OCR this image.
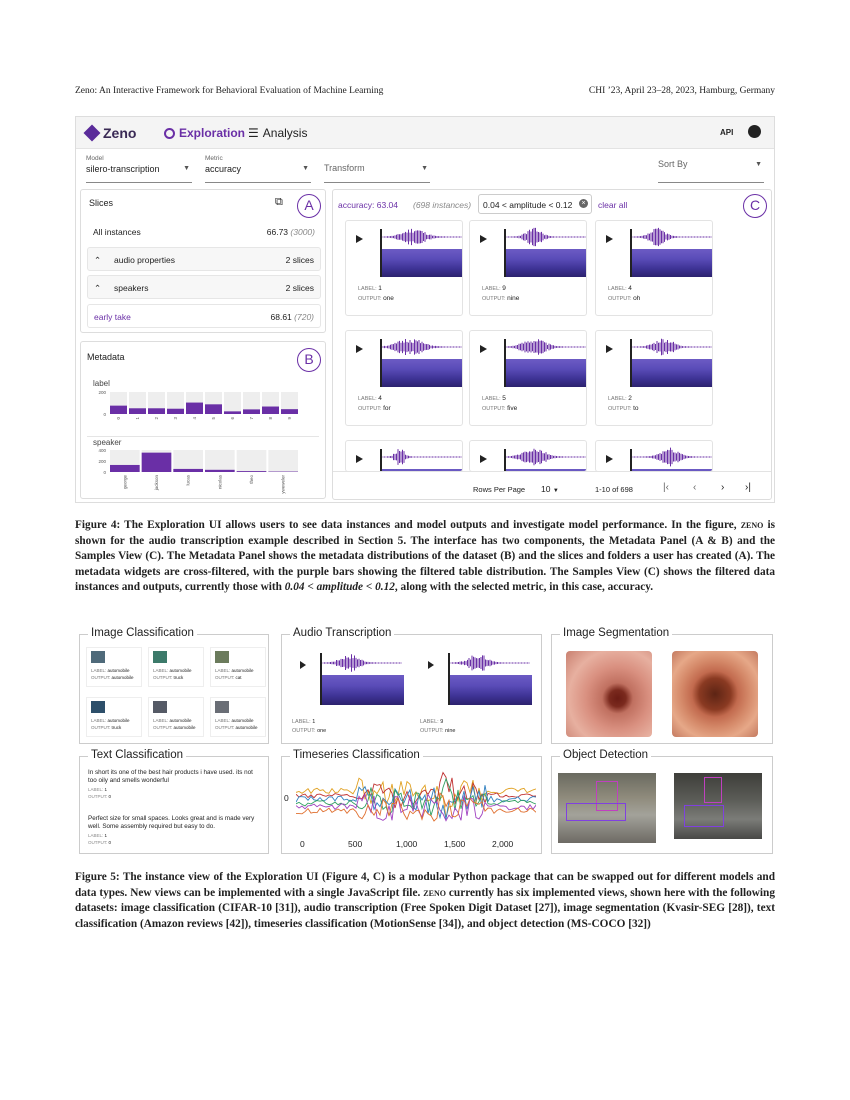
Zeno: An Interactive Framework for Behavioral Evaluation of Machine Learning	CHI ’23, April 23–28, 2023, Hamburg, Germany
Zeno	Exploration ☰ Analysis	API
Model
silero-transcription	▼
Metric
accuracy	▼ Transform	▼	Sort By	▼
Slices	⧉	A
All instances	66.73 (3000)
⌃ audio properties	2 slices
⌃ speakers	2 slices
early take	68.61 (720)
Metadata	B
label
200
0
0	1	2	3	4	5	6	7	8	9
speaker
400
200
0
george	jackson	lucas	nicolas	theo	yweweler
accuracy: 63.04 (698 instances)	0.04 < amplitude < 0.12	× clear all	C
LABEL: 1
OUTPUT: one
LABEL: 9
OUTPUT: nine
LABEL: 4
OUTPUT: oh
LABEL: 4
OUTPUT: for
LABEL: 5
OUTPUT: five
LABEL: 2
OUTPUT: to
Rows Per Page 10 ▼	1-10 of 698	|‹ ‹ › ›|
Figure 4: The Exploration UI allows users to see data instances and model outputs and investigate model performance. In the figure, zeno is shown for the audio transcription example described in Section 5. The interface has two components, the Metadata Panel (A & B) and the Samples View (C). The Metadata Panel shows the metadata distributions of the dataset (B) and the slices and folders a user has created (A). The metadata widgets are cross-filtered, with the purple bars showing the filtered table distribution. The Samples View (C) shows the filtered data instances and outputs, currently those with 0.04 < amplitude < 0.12, along with the selected metric, in this case, accuracy.
Image Classification
LABEL: automobile
OUTPUT: automobile
LABEL: automobile
OUTPUT: truck
LABEL: automobile
OUTPUT: cat
LABEL: automobile
OUTPUT: truck
LABEL: automobile
OUTPUT: automobile
LABEL: automobile
OUTPUT: automobile
Audio Transcription
LABEL: 1
OUTPUT: one
LABEL: 9
OUTPUT: nine
Image Segmentation
Text Classification
In short its one of the best hair products i have used. its not too oily and smells wonderful
LABEL: 1
OUTPUT: 0
Perfect size for small spaces. Looks great and is made very well. Some assembly required but easy to do.
LABEL: 1
OUTPUT: 0
Timeseries Classification
0
0	500	1,000	1,500	2,000
Object Detection
Figure 5: The instance view of the Exploration UI (Figure 4, C) is a modular Python package that can be swapped out for different models and data types. New views can be implemented with a single JavaScript file. zeno currently has six implemented views, shown here with the following datasets: image classification (CIFAR-10 [31]), audio transcription (Free Spoken Digit Dataset [27]), image segmentation (Kvasir-SEG [28]), text classification (Amazon reviews [42]), timeseries classification (MotionSense [34]), and object detection (MS-COCO [32])
